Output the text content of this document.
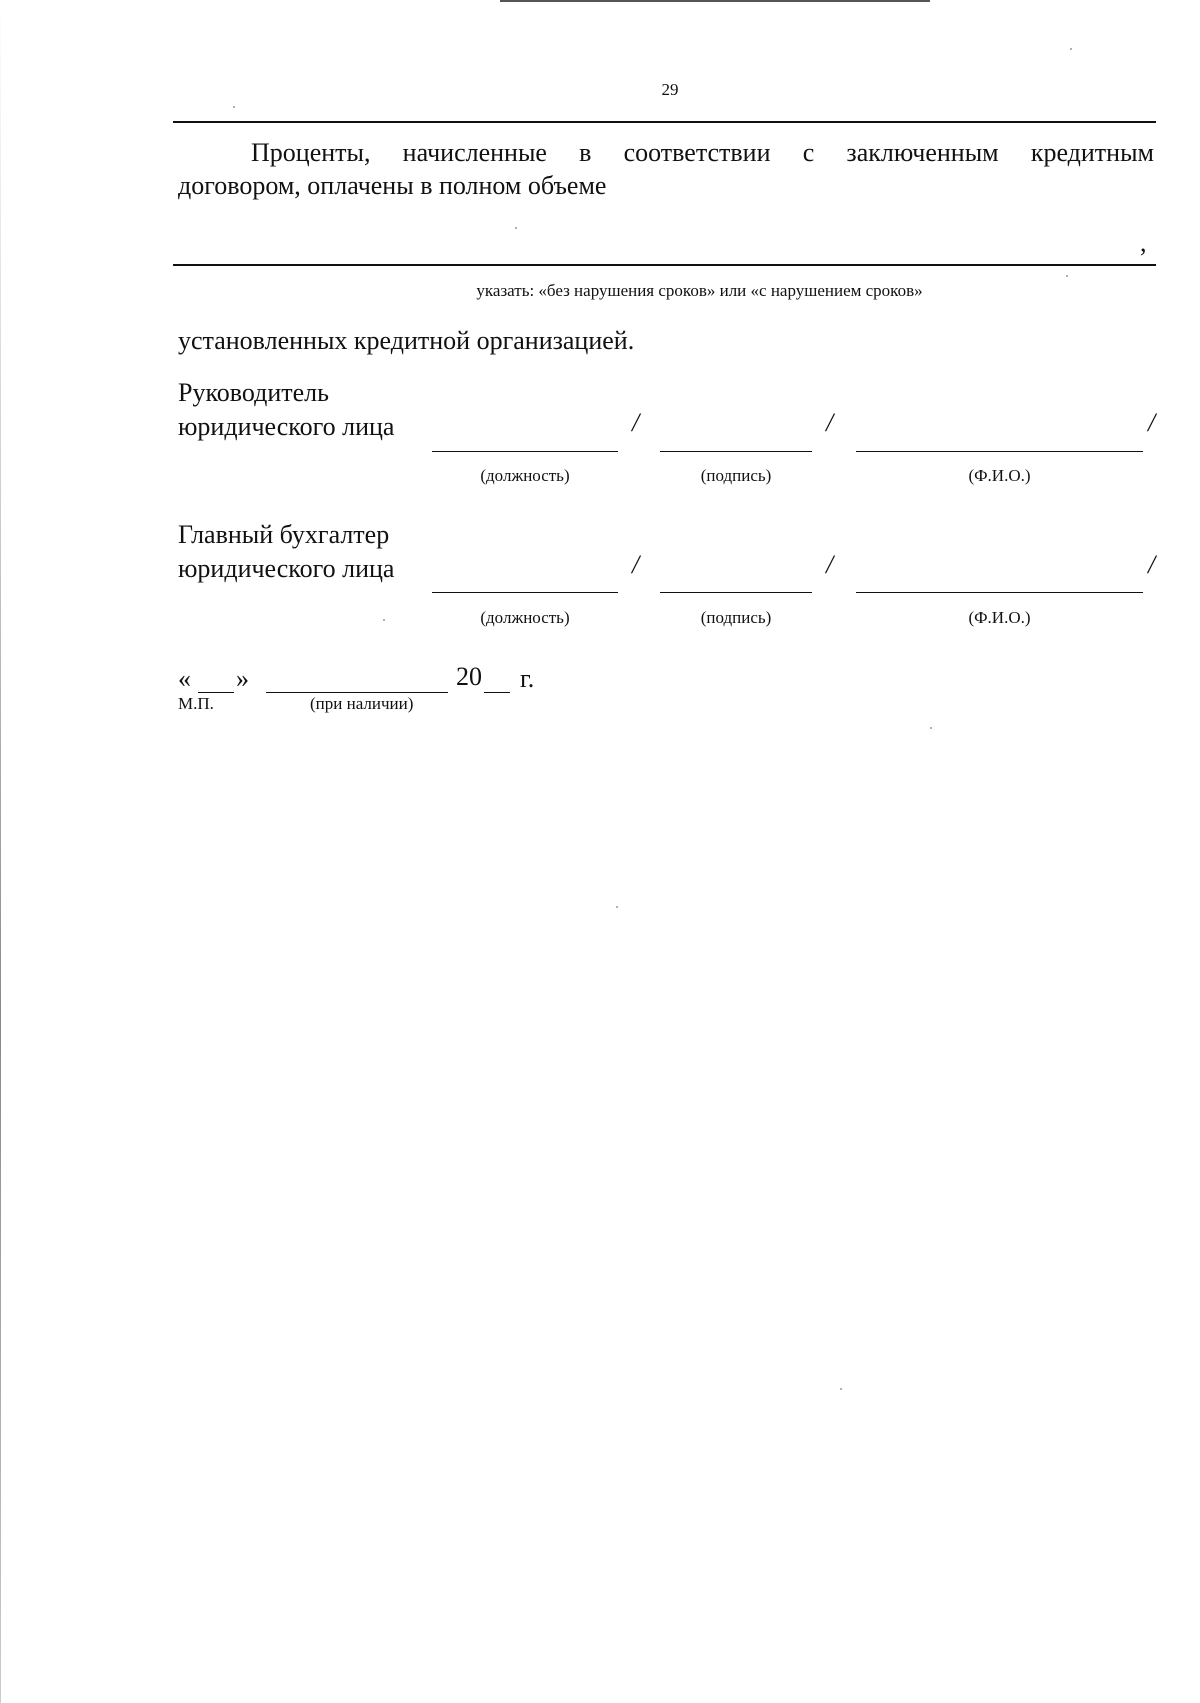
29
Проценты, начисленные в соответствии с заключенным кредитным
договором, оплачены в полном объеме
,
указать: «без нарушения сроков» или «с нарушением сроков»
установленных кредитной организацией.
Руководитель
юридического лица	/	/	/
(должность)	(подпись)	(Ф.И.О.)
Главный бухгалтер
юридического лица	/	/	/
(должность)	(подпись)	(Ф.И.О.)
« »	20 г.
М.П.	(при наличии)
